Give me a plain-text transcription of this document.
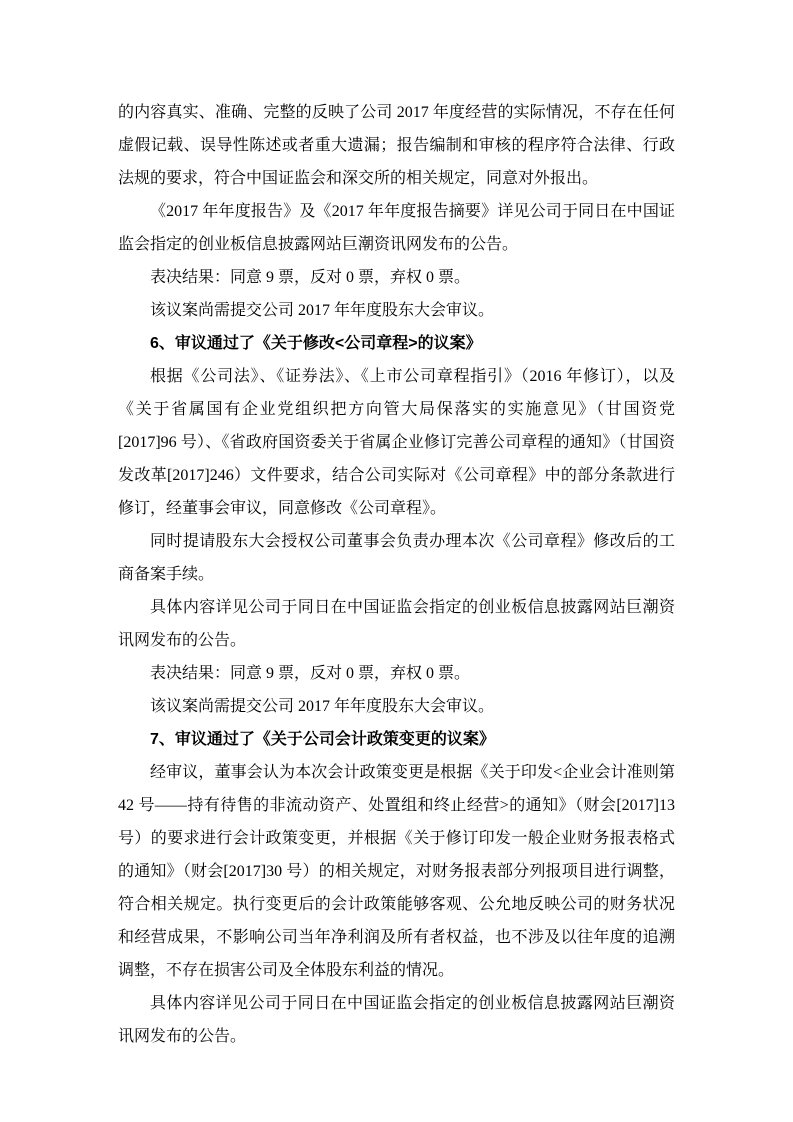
的内容真实、准确、完整的反映了公司 2017 年度经营的实际情况，不存在任何虚假记载、误导性陈述或者重大遗漏；报告编制和审核的程序符合法律、行政法规的要求，符合中国证监会和深交所的相关规定，同意对外报出。

《2017 年年度报告》及《2017 年年度报告摘要》详见公司于同日在中国证监会指定的创业板信息披露网站巨潮资讯网发布的公告。

表决结果：同意 9 票，反对 0 票，弃权 0 票。

该议案尚需提交公司 2017 年年度股东大会审议。

6、审议通过了《关于修改<公司章程>的议案》

根据《公司法》、《证券法》、《上市公司章程指引》（2016 年修订），以及《关于省属国有企业党组织把方向管大局保落实的实施意见》（甘国资党[2017]96 号）、《省政府国资委关于省属企业修订完善公司章程的通知》（甘国资发改革[2017]246）文件要求，结合公司实际对《公司章程》中的部分条款进行修订，经董事会审议，同意修改《公司章程》。

同时提请股东大会授权公司董事会负责办理本次《公司章程》修改后的工商备案手续。

具体内容详见公司于同日在中国证监会指定的创业板信息披露网站巨潮资讯网发布的公告。

表决结果：同意 9 票，反对 0 票，弃权 0 票。

该议案尚需提交公司 2017 年年度股东大会审议。

7、审议通过了《关于公司会计政策变更的议案》

经审议，董事会认为本次会计政策变更是根据《关于印发<企业会计准则第 42 号——持有待售的非流动资产、处置组和终止经营>的通知》（财会[2017]13 号）的要求进行会计政策变更，并根据《关于修订印发一般企业财务报表格式的通知》（财会[2017]30 号）的相关规定，对财务报表部分列报项目进行调整，符合相关规定。执行变更后的会计政策能够客观、公允地反映公司的财务状况和经营成果，不影响公司当年净利润及所有者权益，也不涉及以往年度的追溯调整，不存在损害公司及全体股东利益的情况。

具体内容详见公司于同日在中国证监会指定的创业板信息披露网站巨潮资讯网发布的公告。
